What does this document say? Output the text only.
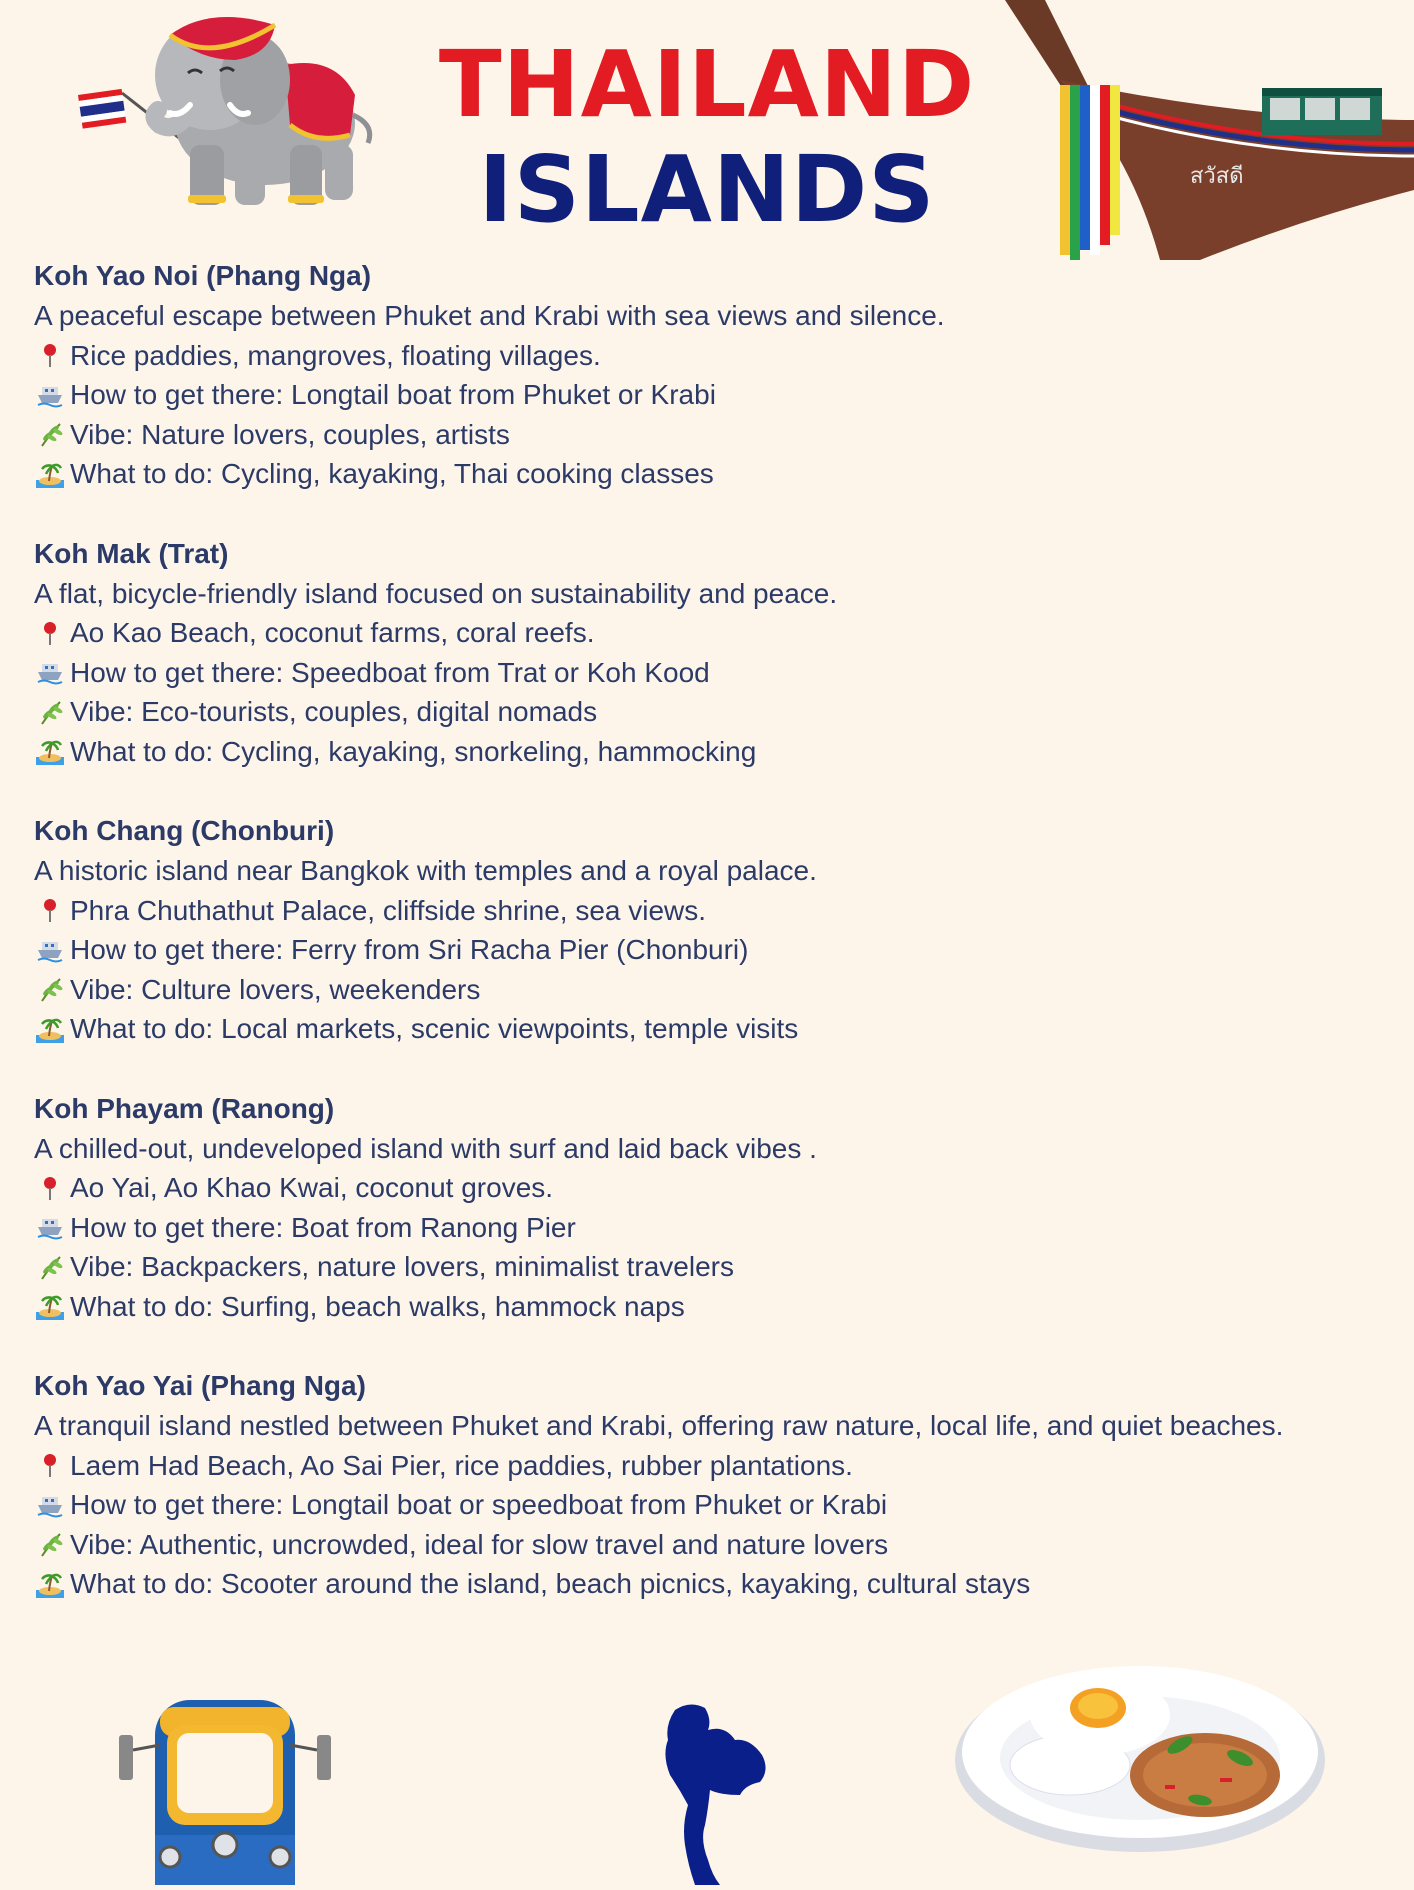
สวัสดี
THAILAND
ISLANDS
Koh Yao Noi (Phang Nga)

A peaceful escape between Phuket and Krabi with sea views and silence.

Rice paddies, mangroves, floating villages.

How to get there: Longtail boat from Phuket or Krabi

Vibe: Nature lovers, couples, artists

What to do: Cycling, kayaking, Thai cooking classes

Koh Mak (Trat)

A flat, bicycle-friendly island focused on sustainability and peace.

Ao Kao Beach, coconut farms, coral reefs.

How to get there: Speedboat from Trat or Koh Kood

Vibe: Eco-tourists, couples, digital nomads

What to do: Cycling, kayaking, snorkeling, hammocking

Koh Chang (Chonburi)

A historic island near Bangkok with temples and a royal palace.

Phra Chuthathut Palace, cliffside shrine, sea views.

How to get there: Ferry from Sri Racha Pier (Chonburi)

Vibe: Culture lovers, weekenders

What to do: Local markets, scenic viewpoints, temple visits

Koh Phayam (Ranong)

A chilled-out, undeveloped island with surf and laid back vibes .

Ao Yai, Ao Khao Kwai, coconut groves.

How to get there: Boat from Ranong Pier

Vibe: Backpackers, nature lovers, minimalist travelers

What to do: Surfing, beach walks, hammock naps

Koh Yao Yai (Phang Nga)

A tranquil island nestled between Phuket and Krabi, offering raw nature, local life, and quiet beaches.

Laem Had Beach, Ao Sai Pier, rice paddies, rubber plantations.

How to get there: Longtail boat or speedboat from Phuket or Krabi

Vibe: Authentic, uncrowded, ideal for slow travel and nature lovers

What to do: Scooter around the island, beach picnics, kayaking, cultural stays
